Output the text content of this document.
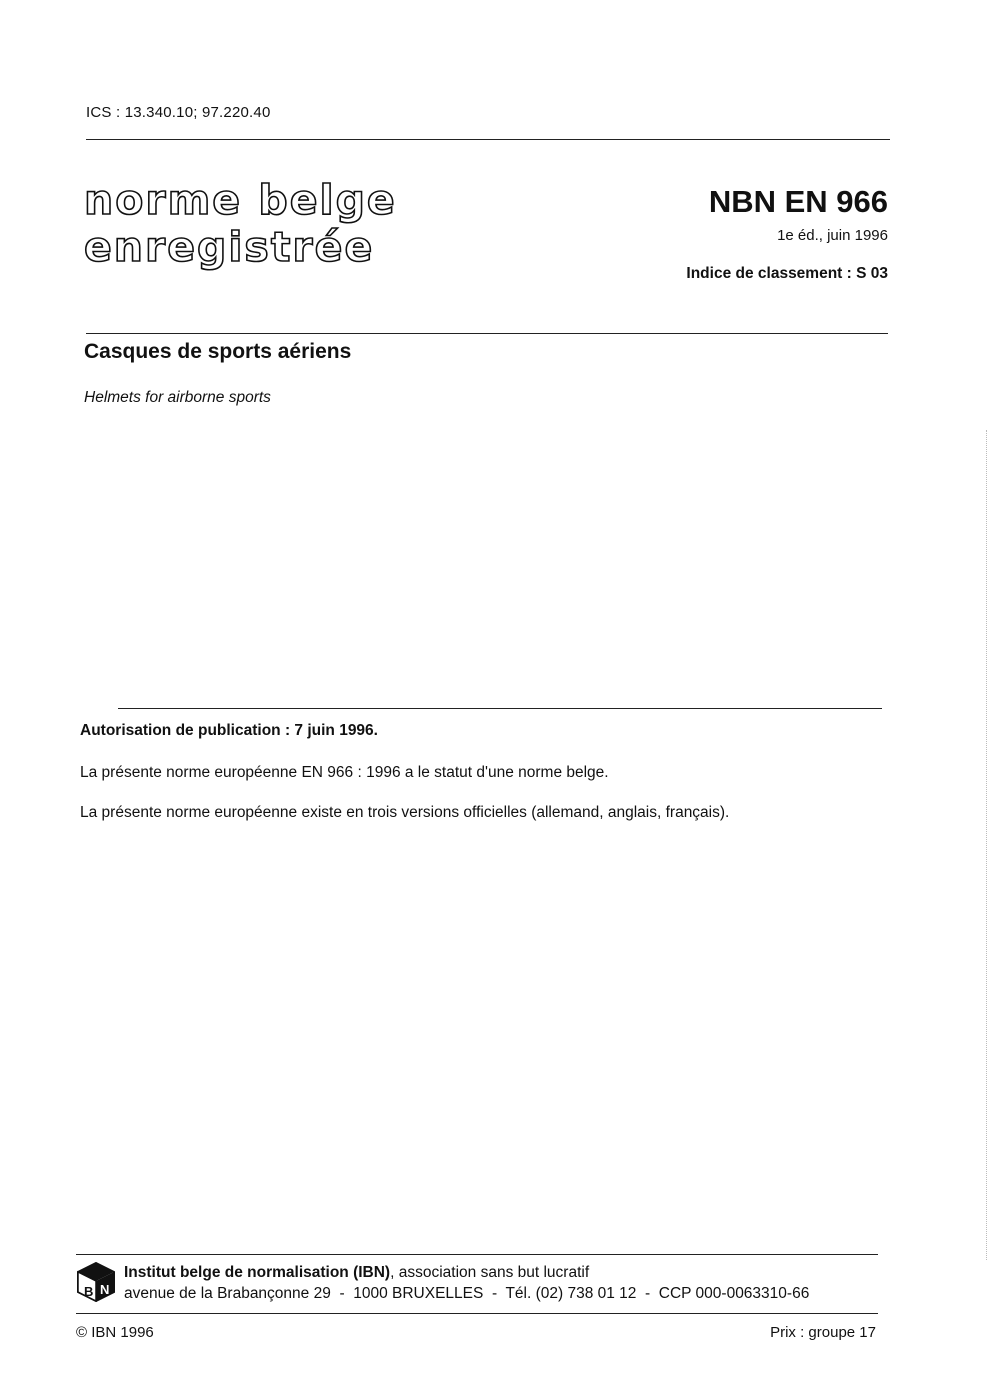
ICS : 13.340.10; 97.220.40
norme belge
enregistrée
NBN EN 966
1e éd., juin 1996
Indice de classement : S 03
Casques de sports aériens
Helmets for airborne sports
Autorisation de publication : 7 juin 1996.
La présente norme européenne EN 966 : 1996 a le statut d'une norme belge.
La présente norme européenne existe en trois versions officielles (allemand, anglais, français).
B N
Institut belge de normalisation (IBN), association sans but lucratif
avenue de la Brabançonne 29  -  1000 BRUXELLES  -  Tél. (02) 738 01 12  -  CCP 000-0063310-66
© IBN 1996	Prix : groupe 17
